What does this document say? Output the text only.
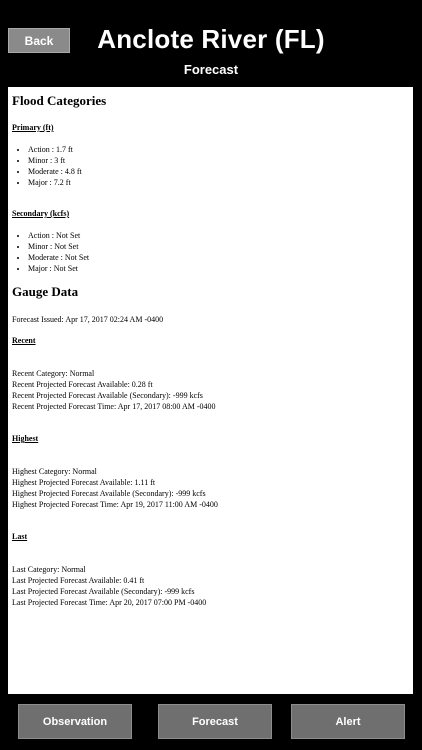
Back	Anclote River (FL)
Forecast
Flood Categories
Primary (ft)
• Action : 1.7 ft
• Minor : 3 ft
• Moderate : 4.8 ft
• Major : 7.2 ft
Secondary (kcfs)
• Action : Not Set
• Minor : Not Set
• Moderate : Not Set
• Major : Not Set
Gauge Data

Forecast Issued: Apr 17, 2017 02:24 AM -0400

Recent

Recent Category: Normal

Recent Projected Forecast Available: 0.28 ft

Recent Projected Forecast Available (Secondary): -999 kcfs

Recent Projected Forecast Time: Apr 17, 2017 08:00 AM -0400

Highest

Highest Category: Normal

Highest Projected Forecast Available: 1.11 ft

Highest Projected Forecast Available (Secondary): -999 kcfs

Highest Projected Forecast Time: Apr 19, 2017 11:00 AM -0400

Last

Last Category: Normal

Last Projected Forecast Available: 0.41 ft

Last Projected Forecast Available (Secondary): -999 kcfs

Last Projected Forecast Time: Apr 20, 2017 07:00 PM -0400

Observation	Forecast	Alert
